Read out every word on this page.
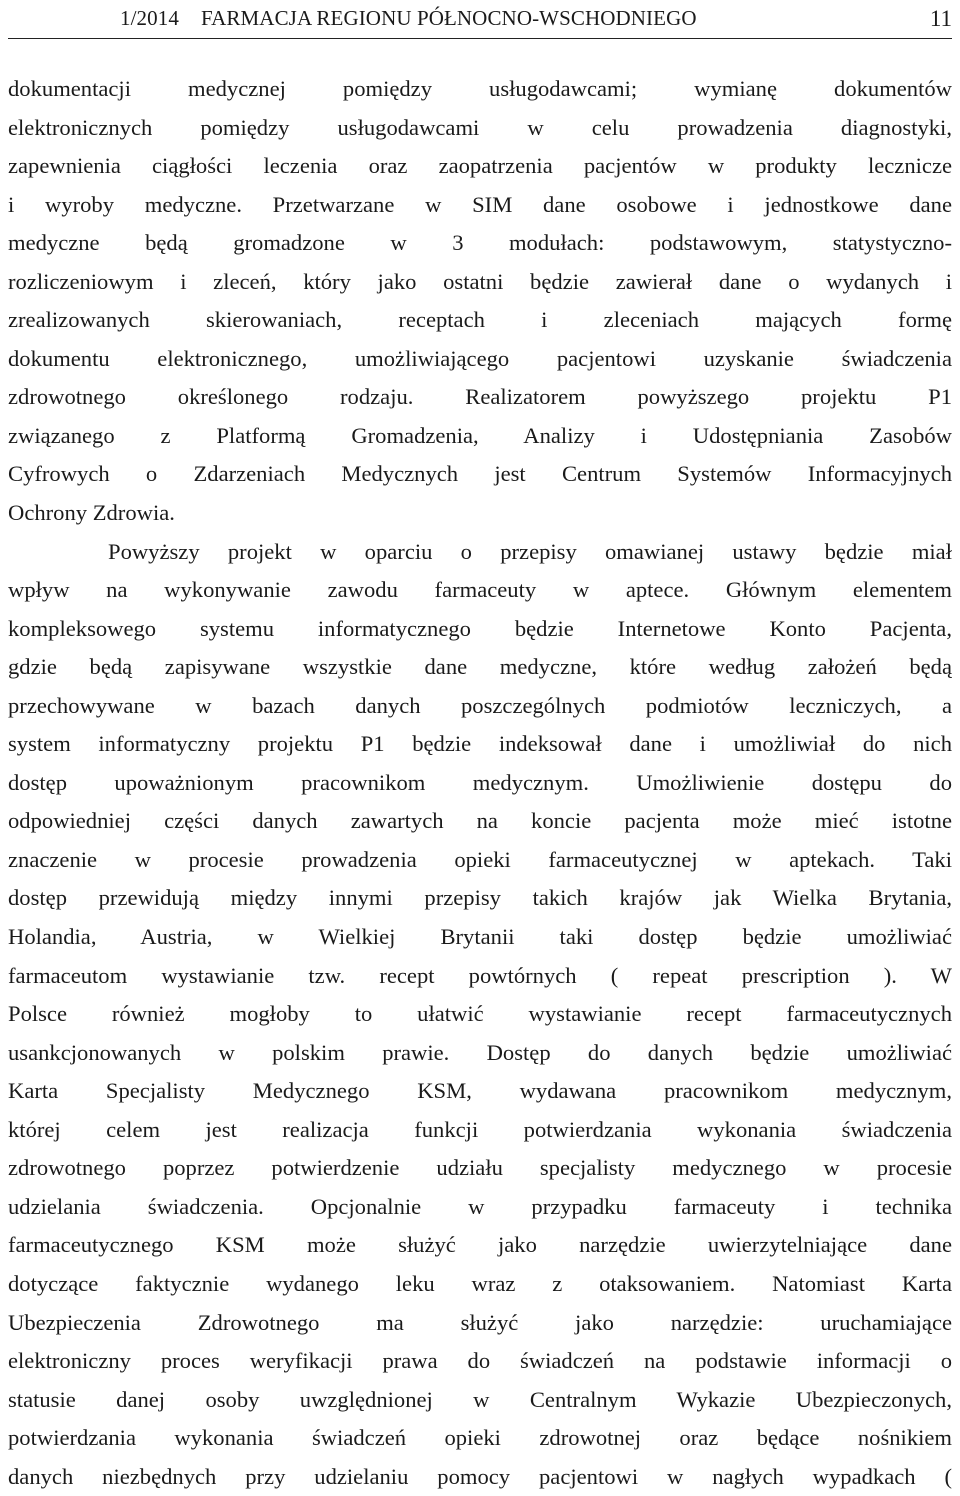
1/2014 FARMACJA REGIONU PÓŁNOCNO-WSCHODNIEGO	11
dokumentacji medycznej pomiędzy usługodawcami; wymianę dokumentów
elektronicznych pomiędzy usługodawcami w celu prowadzenia diagnostyki,
zapewnienia ciągłości leczenia oraz zaopatrzenia pacjentów w produkty lecznicze
i wyroby medyczne. Przetwarzane w SIM dane osobowe i jednostkowe dane
medyczne będą gromadzone w 3 modułach: podstawowym, statystyczno-
rozliczeniowym i zleceń, który jako ostatni będzie zawierał dane o wydanych i
zrealizowanych skierowaniach, receptach i zleceniach mających formę
dokumentu elektronicznego, umożliwiającego pacjentowi uzyskanie świadczenia
zdrowotnego określonego rodzaju. Realizatorem powyższego projektu P1
związanego z Platformą Gromadzenia, Analizy i Udostępniania Zasobów
Cyfrowych o Zdarzeniach Medycznych jest Centrum Systemów Informacyjnych
Ochrony Zdrowia.
Powyższy projekt w oparciu o przepisy omawianej ustawy będzie miał
wpływ na wykonywanie zawodu farmaceuty w aptece. Głównym elementem
kompleksowego systemu informatycznego będzie Internetowe Konto Pacjenta,
gdzie będą zapisywane wszystkie dane medyczne, które według założeń będą
przechowywane w bazach danych poszczególnych podmiotów leczniczych, a
system informatyczny projektu P1 będzie indeksował dane i umożliwiał do nich
dostęp upoważnionym pracownikom medycznym. Umożliwienie dostępu do
odpowiedniej części danych zawartych na koncie pacjenta może mieć istotne
znaczenie w procesie prowadzenia opieki farmaceutycznej w aptekach. Taki
dostęp przewidują między innymi przepisy takich krajów jak Wielka Brytania,
Holandia, Austria, w Wielkiej Brytanii taki dostęp będzie umożliwiać
farmaceutom wystawianie tzw. recept powtórnych ( repeat prescription ). W
Polsce również mogłoby to ułatwić wystawianie recept farmaceutycznych
usankcjonowanych w polskim prawie. Dostęp do danych będzie umożliwiać
Karta Specjalisty Medycznego KSM, wydawana pracownikom medycznym,
której celem jest realizacja funkcji potwierdzania wykonania świadczenia
zdrowotnego poprzez potwierdzenie udziału specjalisty medycznego w procesie
udzielania świadczenia. Opcjonalnie w przypadku farmaceuty i technika
farmaceutycznego KSM może służyć jako narzędzie uwierzytelniające dane
dotyczące faktycznie wydanego leku wraz z otaksowaniem. Natomiast Karta
Ubezpieczenia Zdrowotnego ma służyć jako narzędzie: uruchamiające
elektroniczny proces weryfikacji prawa do świadczeń na podstawie informacji o
statusie danej osoby uwzględnionej w Centralnym Wykazie Ubezpieczonych,
potwierdzania wykonania świadczeń opieki zdrowotnej oraz będące nośnikiem
danych niezbędnych przy udzielaniu pomocy pacjentowi w nagłych wypadkach (
